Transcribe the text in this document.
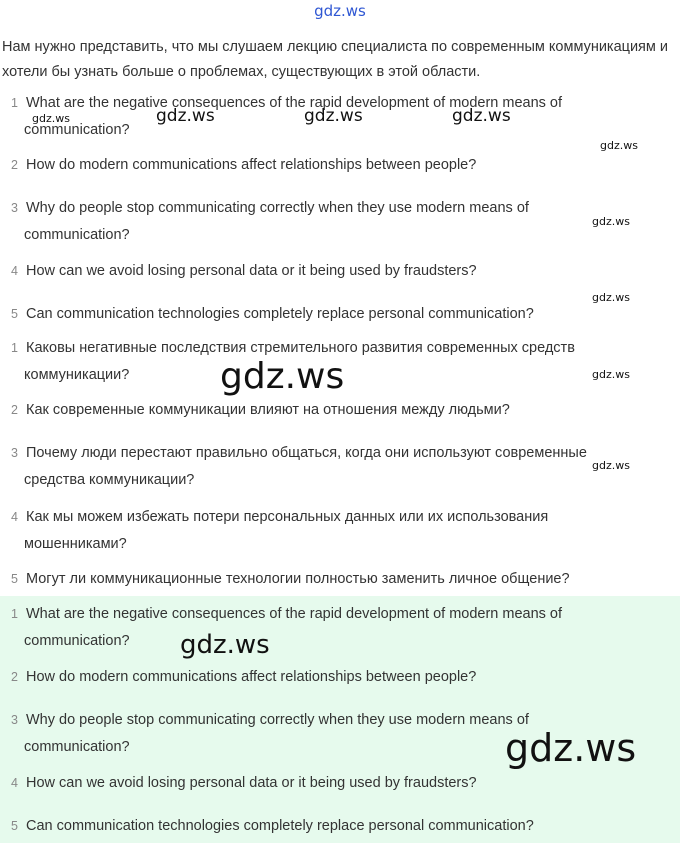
gdz.ws
Нам нужно представить, что мы слушаем лекцию специалиста по современным коммуникациям и хотели бы узнать больше о проблемах, существующих в этой области.
1 What are the negative consequences of the rapid development of modern means of
communication?
2 How do modern communications affect relationships between people?
3 Why do people stop communicating correctly when they use modern means of
communication?
4 How can we avoid losing personal data or it being used by fraudsters?
5 Can communication technologies completely replace personal communication?
1 Каковы негативные последствия стремительного развития современных средств
коммуникации?
2 Как современные коммуникации влияют на отношения между людьми?
3 Почему люди перестают правильно общаться, когда они используют современные
средства коммуникации?
4 Как мы можем избежать потери персональных данных или их использования
мошенниками?
5 Могут ли коммуникационные технологии полностью заменить личное общение?
1 What are the negative consequences of the rapid development of modern means of
communication?
2 How do modern communications affect relationships between people?
3 Why do people stop communicating correctly when they use modern means of
communication?
4 How can we avoid losing personal data or it being used by fraudsters?
5 Can communication technologies completely replace personal communication?
gdz.ws	gdz.ws	gdz.ws	gdz.ws
gdz.ws
gdz.ws
gdz.ws
gdz.ws	gdz.ws
gdz.ws
gdz.ws
gdz.ws
